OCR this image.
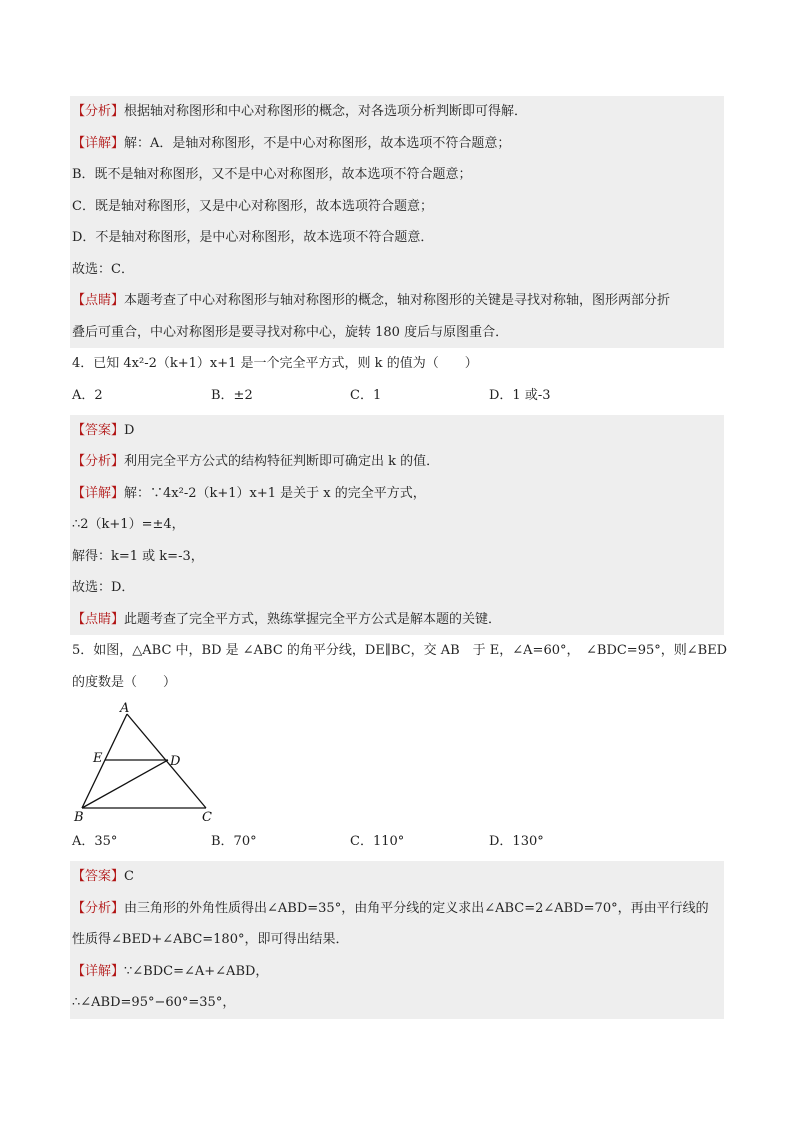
【分析】根据轴对称图形和中心对称图形的概念，对各选项分析判断即可得解．
【详解】解：A．是轴对称图形，不是中心对称图形，故本选项不符合题意；
B．既不是轴对称图形，又不是中心对称图形，故本选项不符合题意；
C．既是轴对称图形，又是中心对称图形，故本选项符合题意；
D．不是轴对称图形，是中心对称图形，故本选项不符合题意．
故选：C．
【点睛】本题考查了中心对称图形与轴对称图形的概念，轴对称图形的关键是寻找对称轴，图形两部分折
叠后可重合，中心对称图形是要寻找对称中心，旋转 180 度后与原图重合．
4．已知 4x²-2（k+1）x+1 是一个完全平方式，则 k 的值为（　　）
A．2	B．±2	C．1	D．1 或-3
【答案】D
【分析】利用完全平方公式的结构特征判断即可确定出 k 的值．
【详解】解：∵4x²-2（k+1）x+1 是关于 x 的完全平方式，
∴2（k+1）=±4，
解得：k=1 或 k=-3，
故选：D．
【点睛】此题考查了完全平方式，熟练掌握完全平方公式是解本题的关键．
5．如图，△ABC 中，BD 是 ∠ABC 的角平分线，DE∥BC，交 AB　于 E，∠A=60°，　∠BDC=95°，则∠BED
的度数是（　　）
A
E	D
B	C
A．35°	B．70°	C．110°	D．130°
【答案】C
【分析】由三角形的外角性质得出∠ABD=35°，由角平分线的定义求出∠ABC=2∠ABD=70°，再由平行线的
性质得∠BED+∠ABC=180°，即可得出结果．
【详解】∵∠BDC=∠A+∠ABD，
∴∠ABD=95°−60°=35°，
